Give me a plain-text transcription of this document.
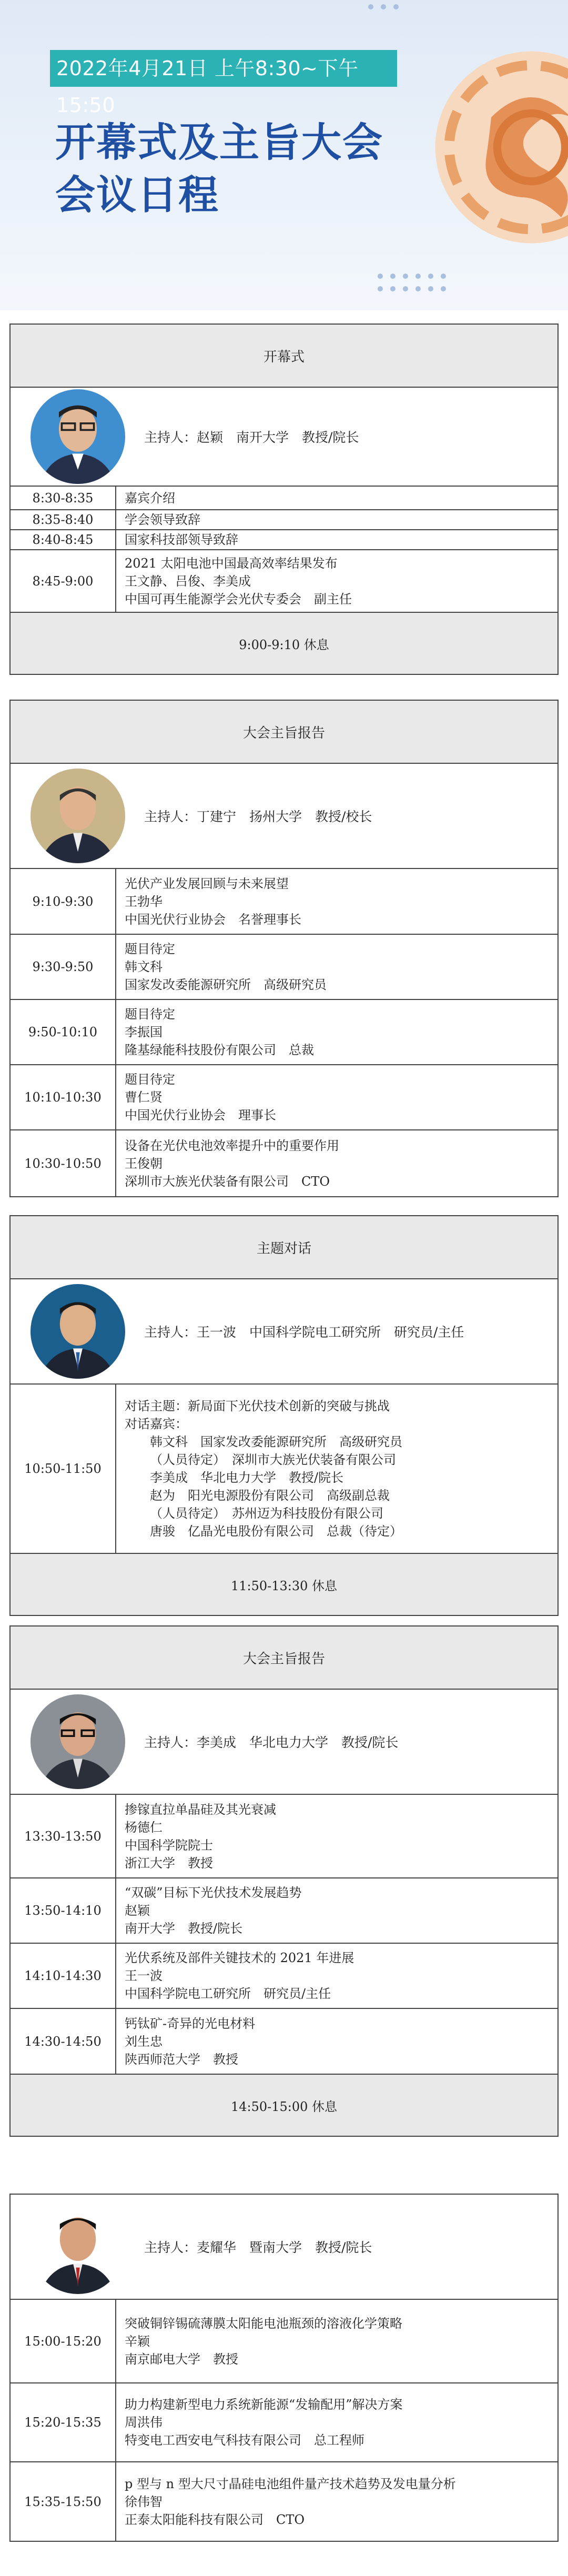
2022年4月21日 上午8:30~下午15:50
开幕式及主旨大会
会议日程
开幕式
主持人：赵颖　南开大学　教授/院长
8:30-8:35	嘉宾介绍

8:35-8:40	学会领导致辞

8:40-8:45	国家科技部领导致辞

8:45-9:00	2021 太阳电池中国最高效率结果发布
王文静、吕俊、李美成
中国可再生能源学会光伏专委会　副主任
9:00-9:10 休息
大会主旨报告
主持人：丁建宁　扬州大学　教授/校长
9:10-9:30	光伏产业发展回顾与未来展望
王勃华
中国光伏行业协会　名誉理事长

9:30-9:50	题目待定
韩文科
国家发改委能源研究所　高级研究员

9:50-10:10	题目待定
李振国
隆基绿能科技股份有限公司　总裁

10:10-10:30	题目待定
曹仁贤
中国光伏行业协会　理事长

10:30-10:50	设备在光伏电池效率提升中的重要作用
王俊朝
深圳市大族光伏装备有限公司　CTO
主题对话
主持人：王一波　中国科学院电工研究所　研究员/主任
10:50-11:50	
对话主题：新局面下光伏技术创新的突破与挑战
对话嘉宾：
韩文科　国家发改委能源研究所　高级研究员
（人员待定）　深圳市大族光伏装备有限公司
李美成　华北电力大学　教授/院长
赵为　阳光电源股份有限公司　高级副总裁
（人员待定）　苏州迈为科技股份有限公司
唐骏　亿晶光电股份有限公司　总裁（待定）
11:50-13:30 休息
大会主旨报告
主持人：李美成　华北电力大学　教授/院长
13:30-13:50	掺镓直拉单晶硅及其光衰减
杨德仁
中国科学院院士
浙江大学　教授

13:50-14:10	“双碳”目标下光伏技术发展趋势
赵颖
南开大学　教授/院长

14:10-14:30	光伏系统及部件关键技术的 2021 年进展
王一波
中国科学院电工研究所　研究员/主任

14:30-14:50	钙钛矿-奇异的光电材料
刘生忠
陕西师范大学　教授
14:50-15:00 休息
主持人：麦耀华　暨南大学　教授/院长
15:00-15:20	突破铜锌锡硫薄膜太阳能电池瓶颈的溶液化学策略
辛颖
南京邮电大学　教授

15:20-15:35	助力构建新型电力系统新能源“发输配用”解决方案
周洪伟
特变电工西安电气科技有限公司　总工程师

15:35-15:50	p 型与 n 型大尺寸晶硅电池组件量产技术趋势及发电量分析
徐伟智
正泰太阳能科技有限公司　CTO
